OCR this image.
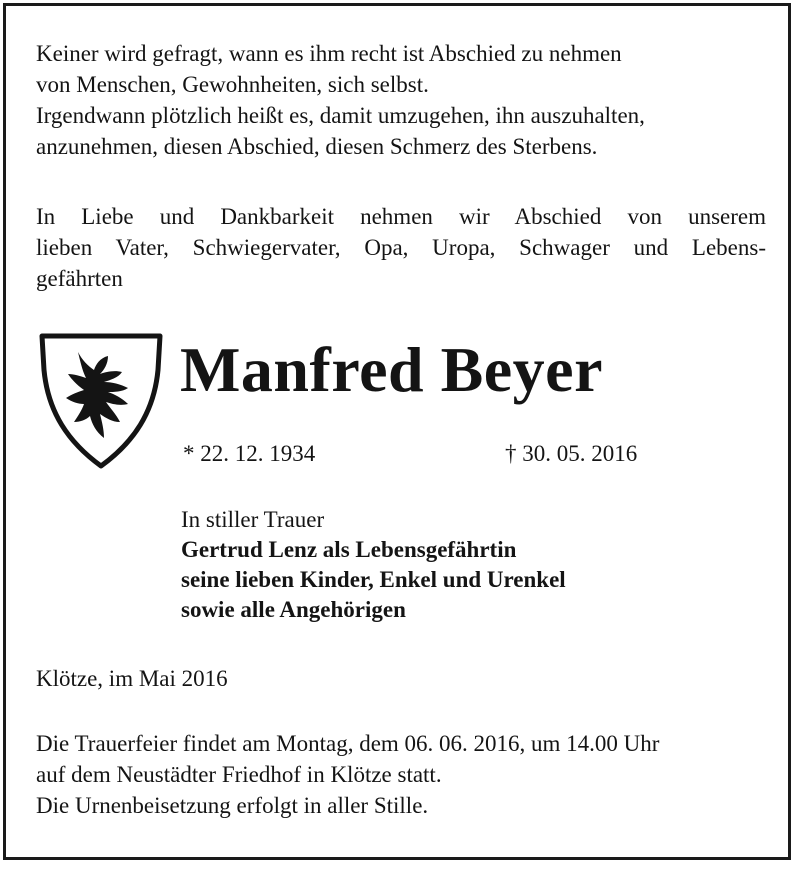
Keiner wird gefragt, wann es ihm recht ist Abschied zu nehmen
von Menschen, Gewohnheiten, sich selbst.
Irgendwann plötzlich heißt es, damit umzugehen, ihn auszuhalten,
anzunehmen, diesen Abschied, diesen Schmerz des Sterbens.
In Liebe und Dankbarkeit nehmen wir Abschied von unserem
lieben Vater, Schwiegervater, Opa, Uropa, Schwager und Lebens-
gefährten
Manfred Beyer
* 22. 12. 1934	† 30. 05. 2016
In stiller Trauer
Gertrud Lenz als Lebensgefährtin
seine lieben Kinder, Enkel und Urenkel
sowie alle Angehörigen
Klötze, im Mai 2016
Die Trauerfeier findet am Montag, dem 06. 06. 2016, um 14.00 Uhr
auf dem Neustädter Friedhof in Klötze statt.
Die Urnenbeisetzung erfolgt in aller Stille.
